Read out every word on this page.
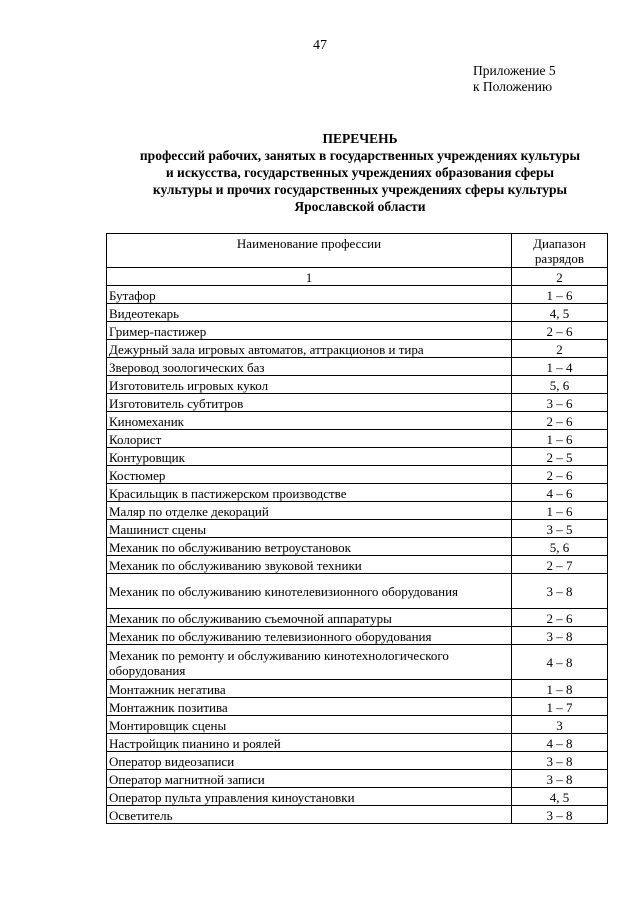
47
Приложение 5
к Положению
ПЕРЕЧЕНЬ
профессий рабочих, занятых в государственных учреждениях культуры
и искусства, государственных учреждениях образования сферы
культуры и прочих государственных учреждениях сферы культуры
Ярославской области
Наименование профессии	Диапазон
разрядов

1	2
Бутафор	1 – 6
Видеотекарь	4, 5
Гример-пастижер	2 – 6
Дежурный зала игровых автоматов, аттракционов и тира	2
Зверовод зоологических баз	1 – 4
Изготовитель игровых кукол	5, 6
Изготовитель субтитров	3 – 6
Киномеханик	2 – 6
Колорист	1 – 6
Контуровщик	2 – 5
Костюмер	2 – 6
Красильщик в пастижерском производстве	4 – 6
Маляр по отделке декораций	1 – 6
Машинист сцены	3 – 5
Механик по обслуживанию ветроустановок	5, 6
Механик по обслуживанию звуковой техники	2 – 7
Механик по обслуживанию кинотелевизионного оборудования	3 – 8
Механик по обслуживанию съемочной аппаратуры	2 – 6
Механик по обслуживанию телевизионного оборудования	3 – 8
Механик по ремонту и обслуживанию кинотехнологического оборудования	4 – 8
Монтажник негатива	1 – 8
Монтажник позитива	1 – 7
Монтировщик сцены	3
Настройщик пианино и роялей	4 – 8
Оператор видеозаписи	3 – 8
Оператор магнитной записи	3 – 8
Оператор пульта управления киноустановки	4, 5
Осветитель	3 – 8
